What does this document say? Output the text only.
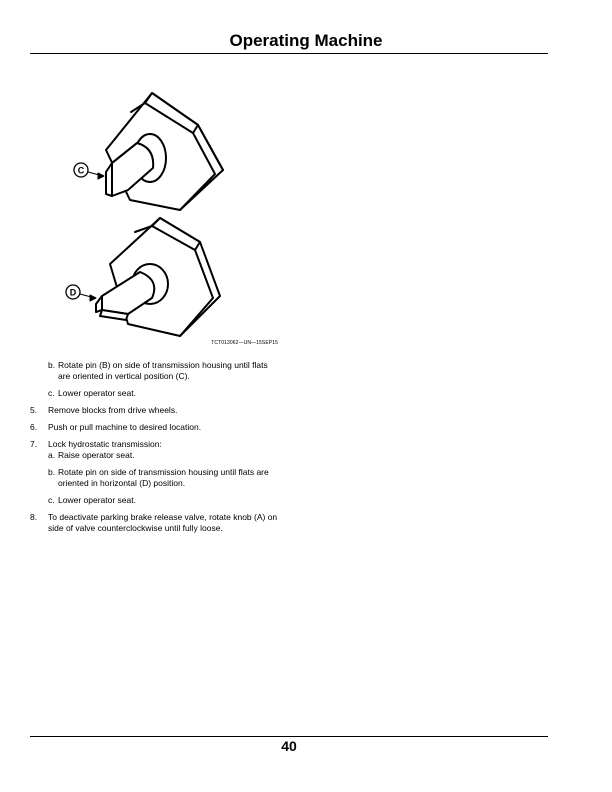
Operating Machine
C
D
TCT013062—UN—15SEP15
b. Rotate pin (B) on side of transmission housing until flats are oriented in vertical position (C).
c. Lower operator seat.
5. Remove blocks from drive wheels.
6. Push or pull machine to desired location.
7. Lock hydrostatic transmission:
a. Raise operator seat.
b. Rotate pin on side of transmission housing until flats are oriented in horizontal (D) position.
c. Lower operator seat.
8. To deactivate parking brake release valve, rotate knob (A) on side of valve counterclockwise until fully loose.
40
